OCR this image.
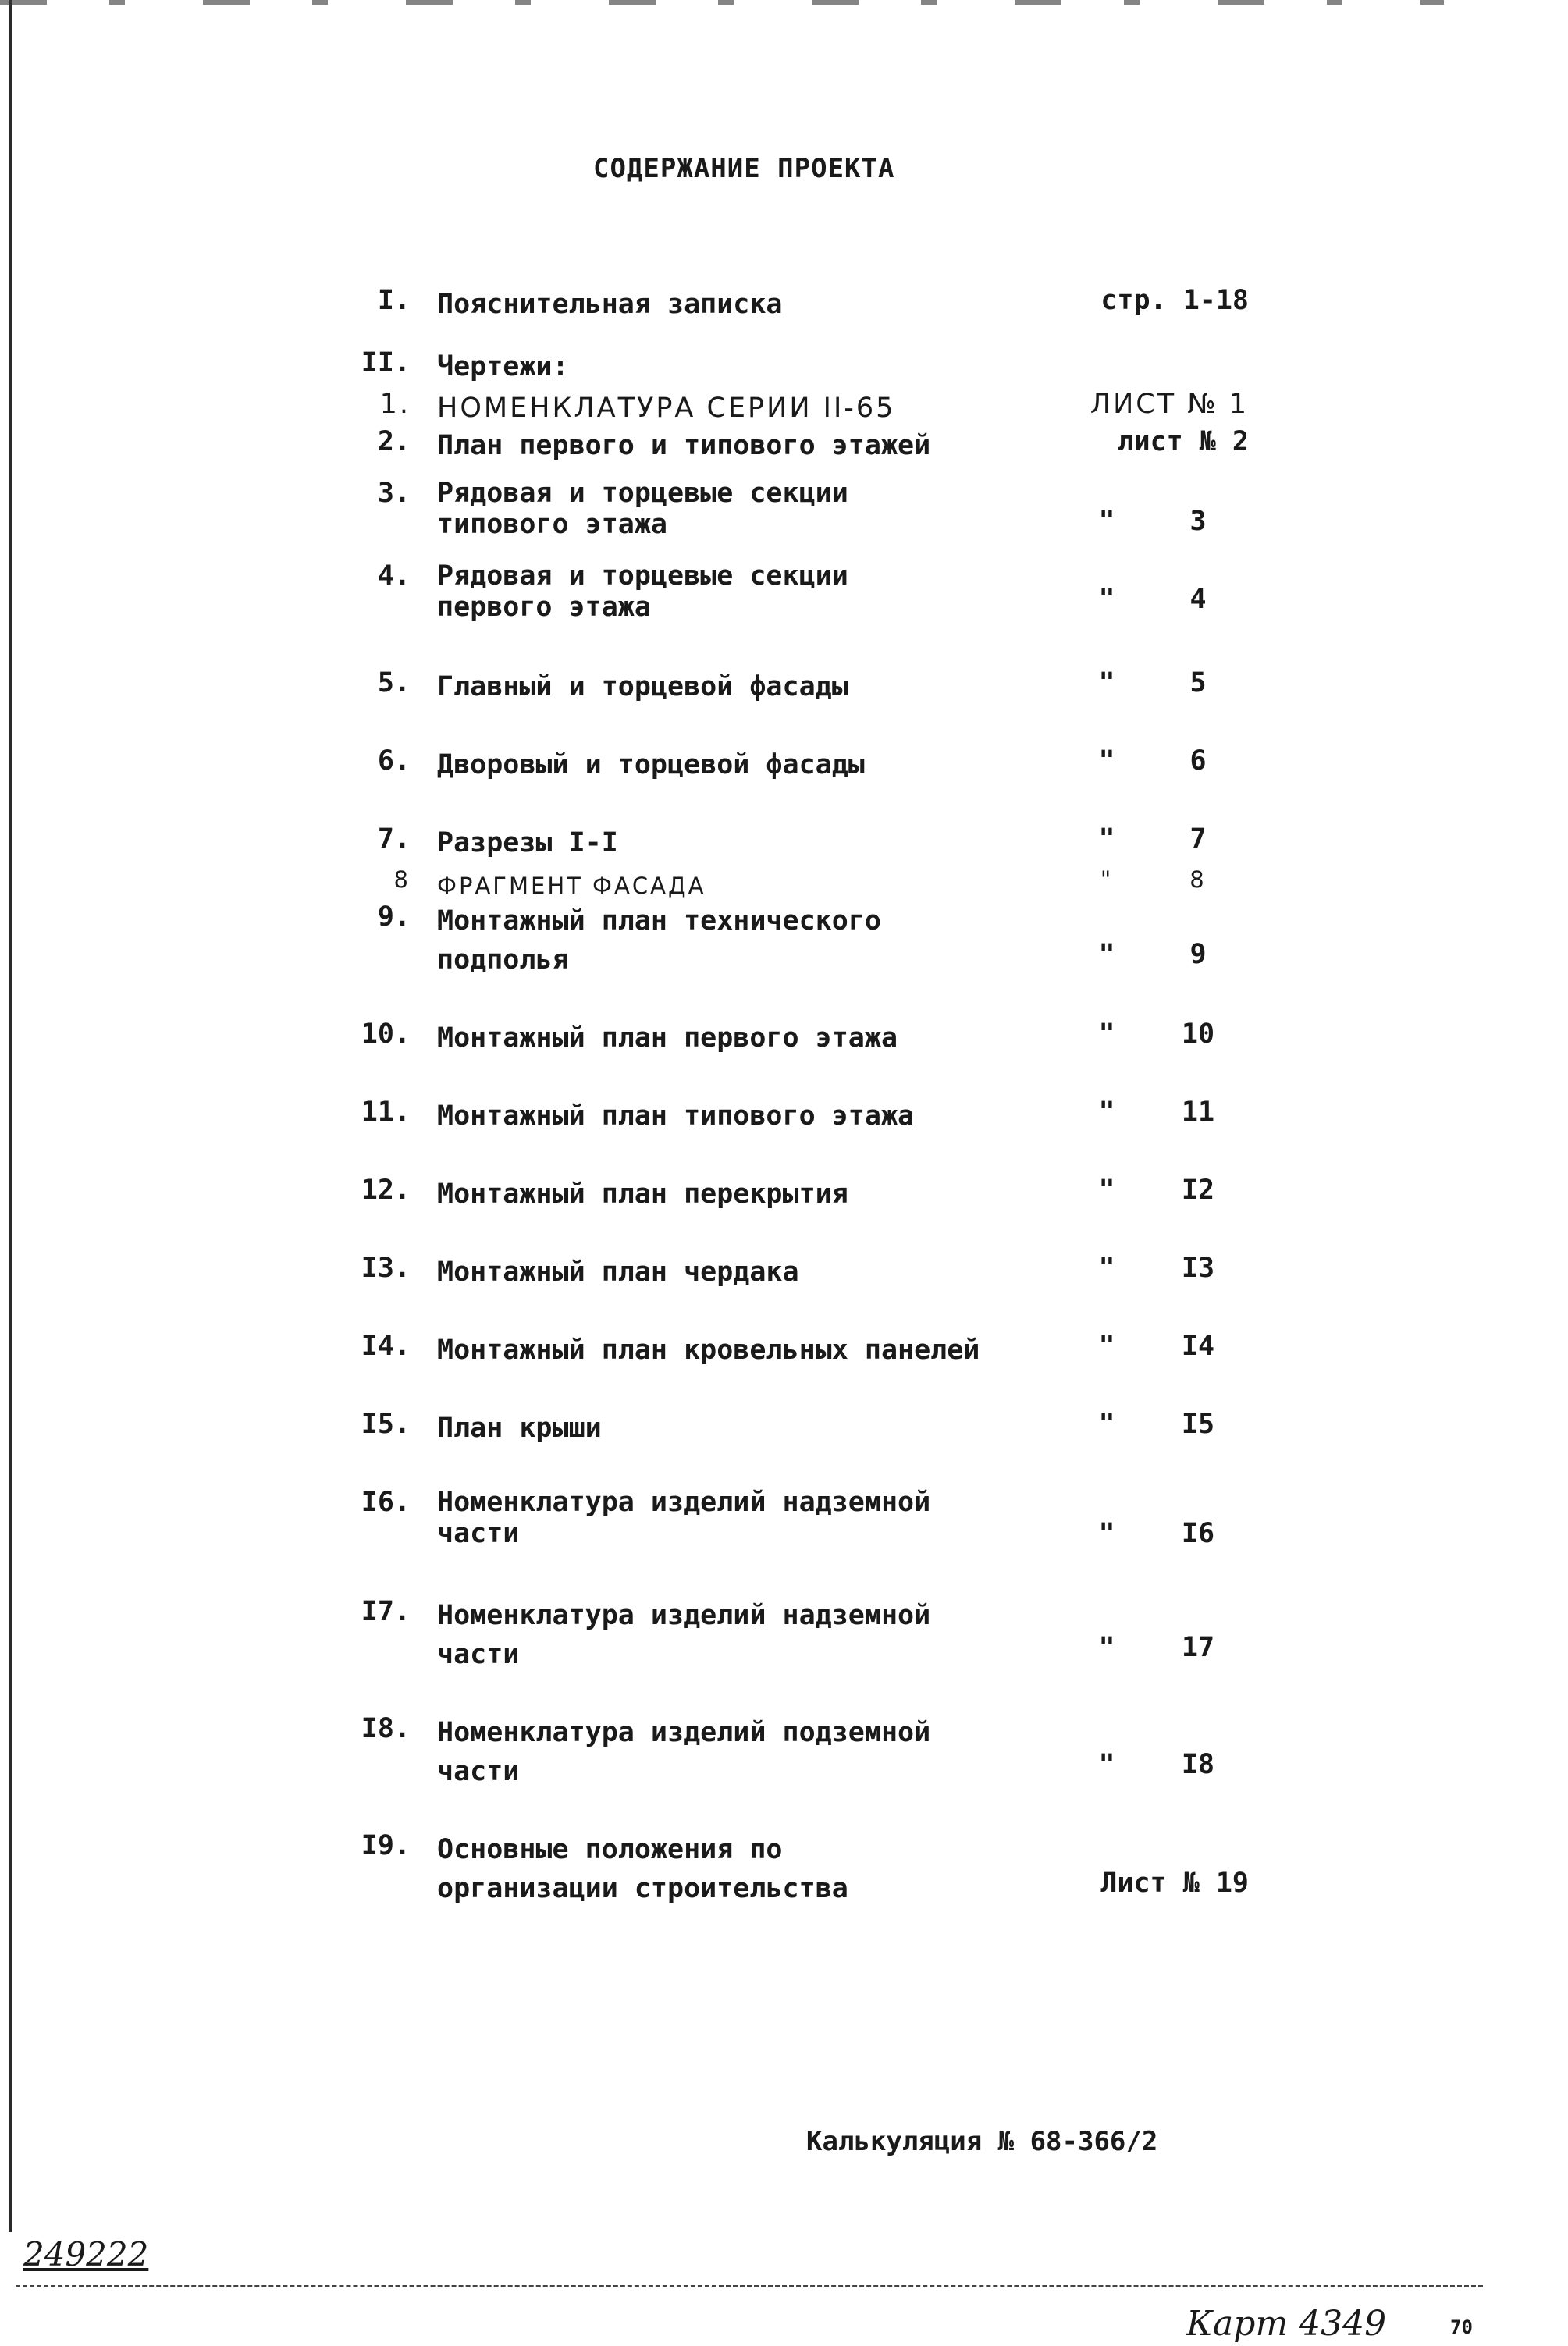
СОДЕРЖАНИЕ ПРОЕКТА
I. Пояснительная записка	стр. 1-18
II. Чертежи:
1. НОМЕНКЛАТУРА СЕРИИ II-65	ЛИСТ № 1
2. План первого и типового этажей	лист № 2
3. Рядовая и торцевые секции
типового этажа	"	3
4. Рядовая и торцевые секции
первого этажа	"	4
5. Главный и торцевой фасады	"	5
6. Дворовый и торцевой фасады	"	6
7. Разрезы I-I	"	7
8 ФРАГМЕНТ ФАСАДА	"	8
9. Монтажный план технического
подполья	"	9
10. Монтажный план первого этажа	"	10
11. Монтажный план типового этажа	"	11
12. Монтажный план перекрытия	"	I2
I3. Монтажный план чердака	"	I3
I4. Монтажный план кровельных панелей	"	I4
I5. План крыши	"	I5
I6. Номенклатура изделий надземной
части	"	I6
I7. Номенклатура изделий надземной
части	"	17
I8. Номенклатура изделий подземной
части	"	I8
I9. Основные положения по
организации строительства	Лист № 19
Калькуляция № 68-366/2
249222
Карт 4349	70
